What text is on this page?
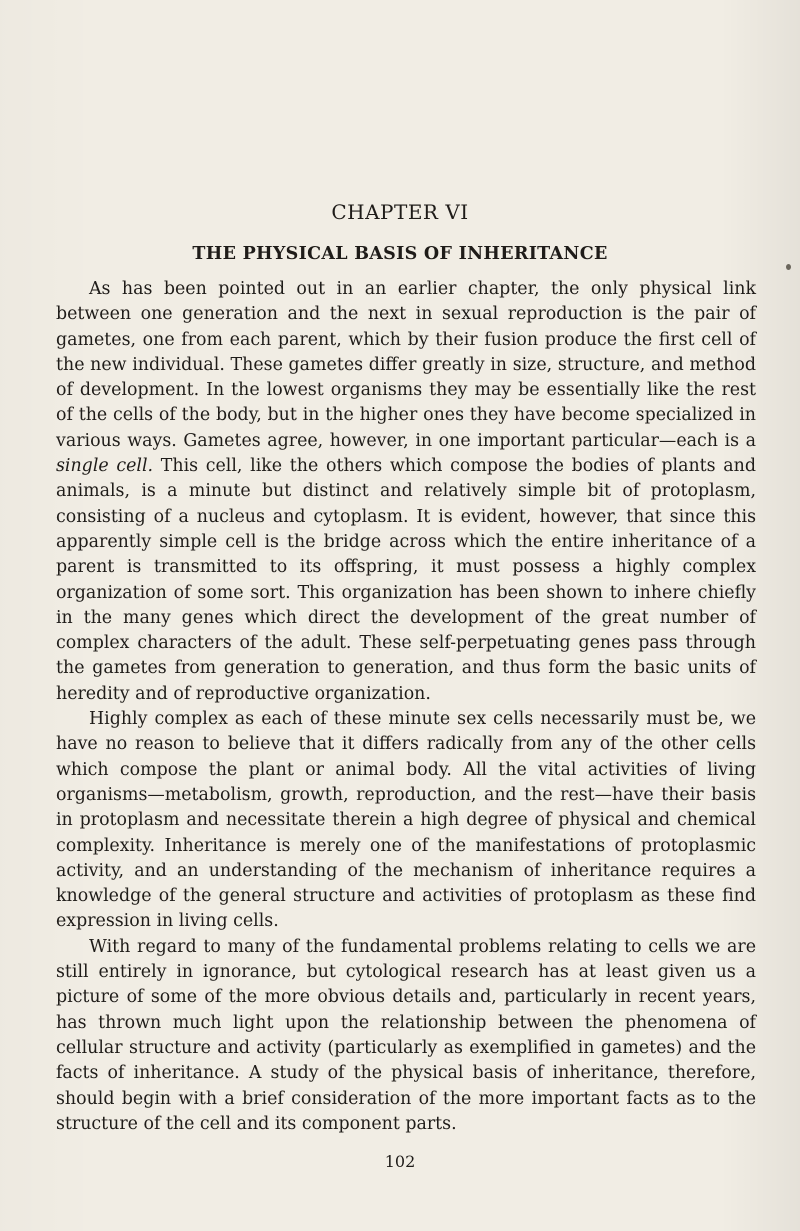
CHAPTER VI
THE PHYSICAL BASIS OF INHERITANCE

As has been pointed out in an earlier chapter, the only physical link between one generation and the next in sexual reproduction is the pair of gametes, one from each parent, which by their fusion produce the first cell of the new individual. These gametes differ greatly in size, structure, and method of development. In the lowest organisms they may be essentially like the rest of the cells of the body, but in the higher ones they have become specialized in various ways. Gametes agree, however, in one important particular—each is a single cell. This cell, like the others which compose the bodies of plants and animals, is a minute but distinct and relatively simple bit of protoplasm, consisting of a nucleus and cytoplasm. It is evident, however, that since this apparently simple cell is the bridge across which the entire inheritance of a parent is transmitted to its offspring, it must possess a highly complex organization of some sort. This organization has been shown to inhere chiefly in the many genes which direct the development of the great number of complex characters of the adult. These self-perpetuating genes pass through the gametes from generation to generation, and thus form the basic units of heredity and of reproductive organization.

Highly complex as each of these minute sex cells necessarily must be, we have no reason to believe that it differs radically from any of the other cells which compose the plant or animal body. All the vital activities of living organisms—metabolism, growth, reproduction, and the rest—have their basis in protoplasm and necessitate therein a high degree of physical and chemical complexity. Inheritance is merely one of the manifestations of protoplasmic activity, and an understanding of the mechanism of inheritance requires a knowledge of the general structure and activities of protoplasm as these find expression in living cells.

With regard to many of the fundamental problems relating to cells we are still entirely in ignorance, but cytological research has at least given us a picture of some of the more obvious details and, particularly in recent years, has thrown much light upon the relationship between the phenomena of cellular structure and activity (particularly as exemplified in gametes) and the facts of inheritance. A study of the physical basis of inheritance, therefore, should begin with a brief consideration of the more important facts as to the structure of the cell and its component parts.

102
